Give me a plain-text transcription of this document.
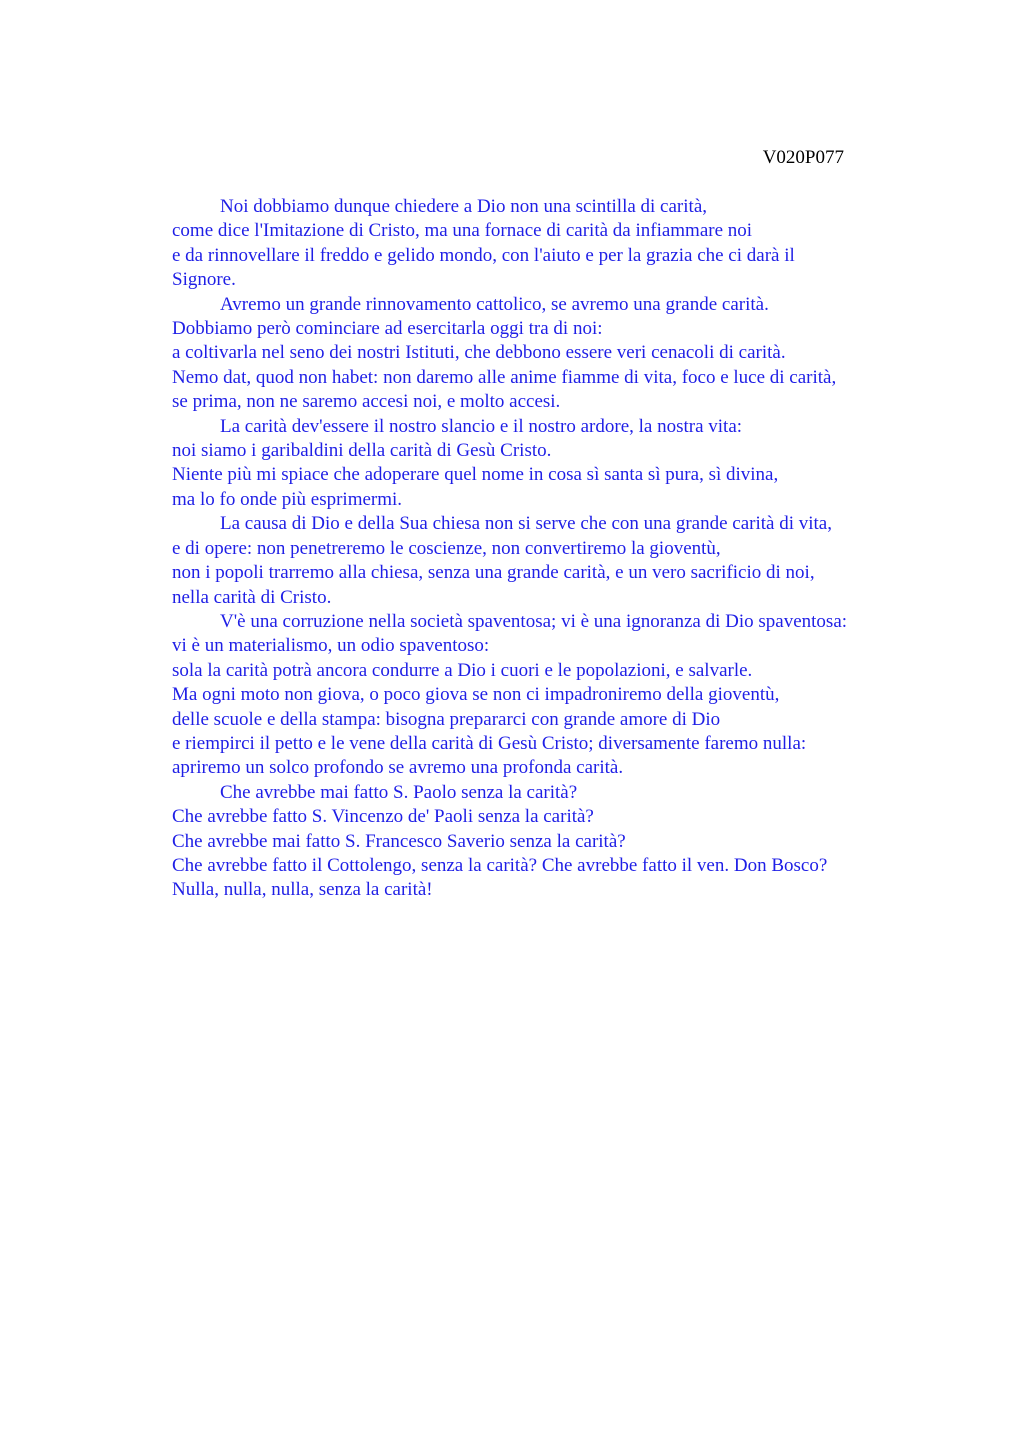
V020P077
Noi dobbiamo dunque chiedere a Dio non una scintilla di carità,
come dice l'Imitazione di Cristo, ma una fornace di carità da infiammare noi
e da rinnovellare il freddo e gelido mondo, con l'aiuto e per la grazia che ci darà il
Signore.
Avremo un grande rinnovamento cattolico, se avremo una grande carità.
Dobbiamo però cominciare ad esercitarla oggi tra di noi:
a coltivarla nel seno dei nostri Istituti, che debbono essere veri cenacoli di carità.
Nemo dat, quod non habet: non daremo alle anime fiamme di vita, foco e luce di carità,
se prima, non ne saremo accesi noi, e molto accesi.
La carità dev'essere il nostro slancio e il nostro ardore, la nostra vita:
noi siamo i garibaldini della carità di Gesù Cristo.
Niente più mi spiace che adoperare quel nome in cosa sì santa sì pura, sì divina,
ma lo fo onde più esprimermi.
La causa di Dio e della Sua chiesa non si serve che con una grande carità di vita,
e di opere: non penetreremo le coscienze, non convertiremo la gioventù,
non i popoli trarremo alla chiesa, senza una grande carità, e un vero sacrificio di noi,
nella carità di Cristo.
V'è una corruzione nella società spaventosa; vi è una ignoranza di Dio spaventosa:
vi è un materialismo, un odio spaventoso:
sola la carità potrà ancora condurre a Dio i cuori e le popolazioni, e salvarle.
Ma ogni moto non giova, o poco giova se non ci impadroniremo della gioventù,
delle scuole e della stampa: bisogna prepararci con grande amore di Dio
e riempirci il petto e le vene della carità di Gesù Cristo; diversamente faremo nulla:
apriremo un solco profondo se avremo una profonda carità.
Che avrebbe mai fatto S. Paolo senza la carità?
Che avrebbe fatto S. Vincenzo de' Paoli senza la carità?
Che avrebbe mai fatto S. Francesco Saverio senza la carità?
Che avrebbe fatto il Cottolengo, senza la carità? Che avrebbe fatto il ven. Don Bosco?
Nulla, nulla, nulla, senza la carità!
